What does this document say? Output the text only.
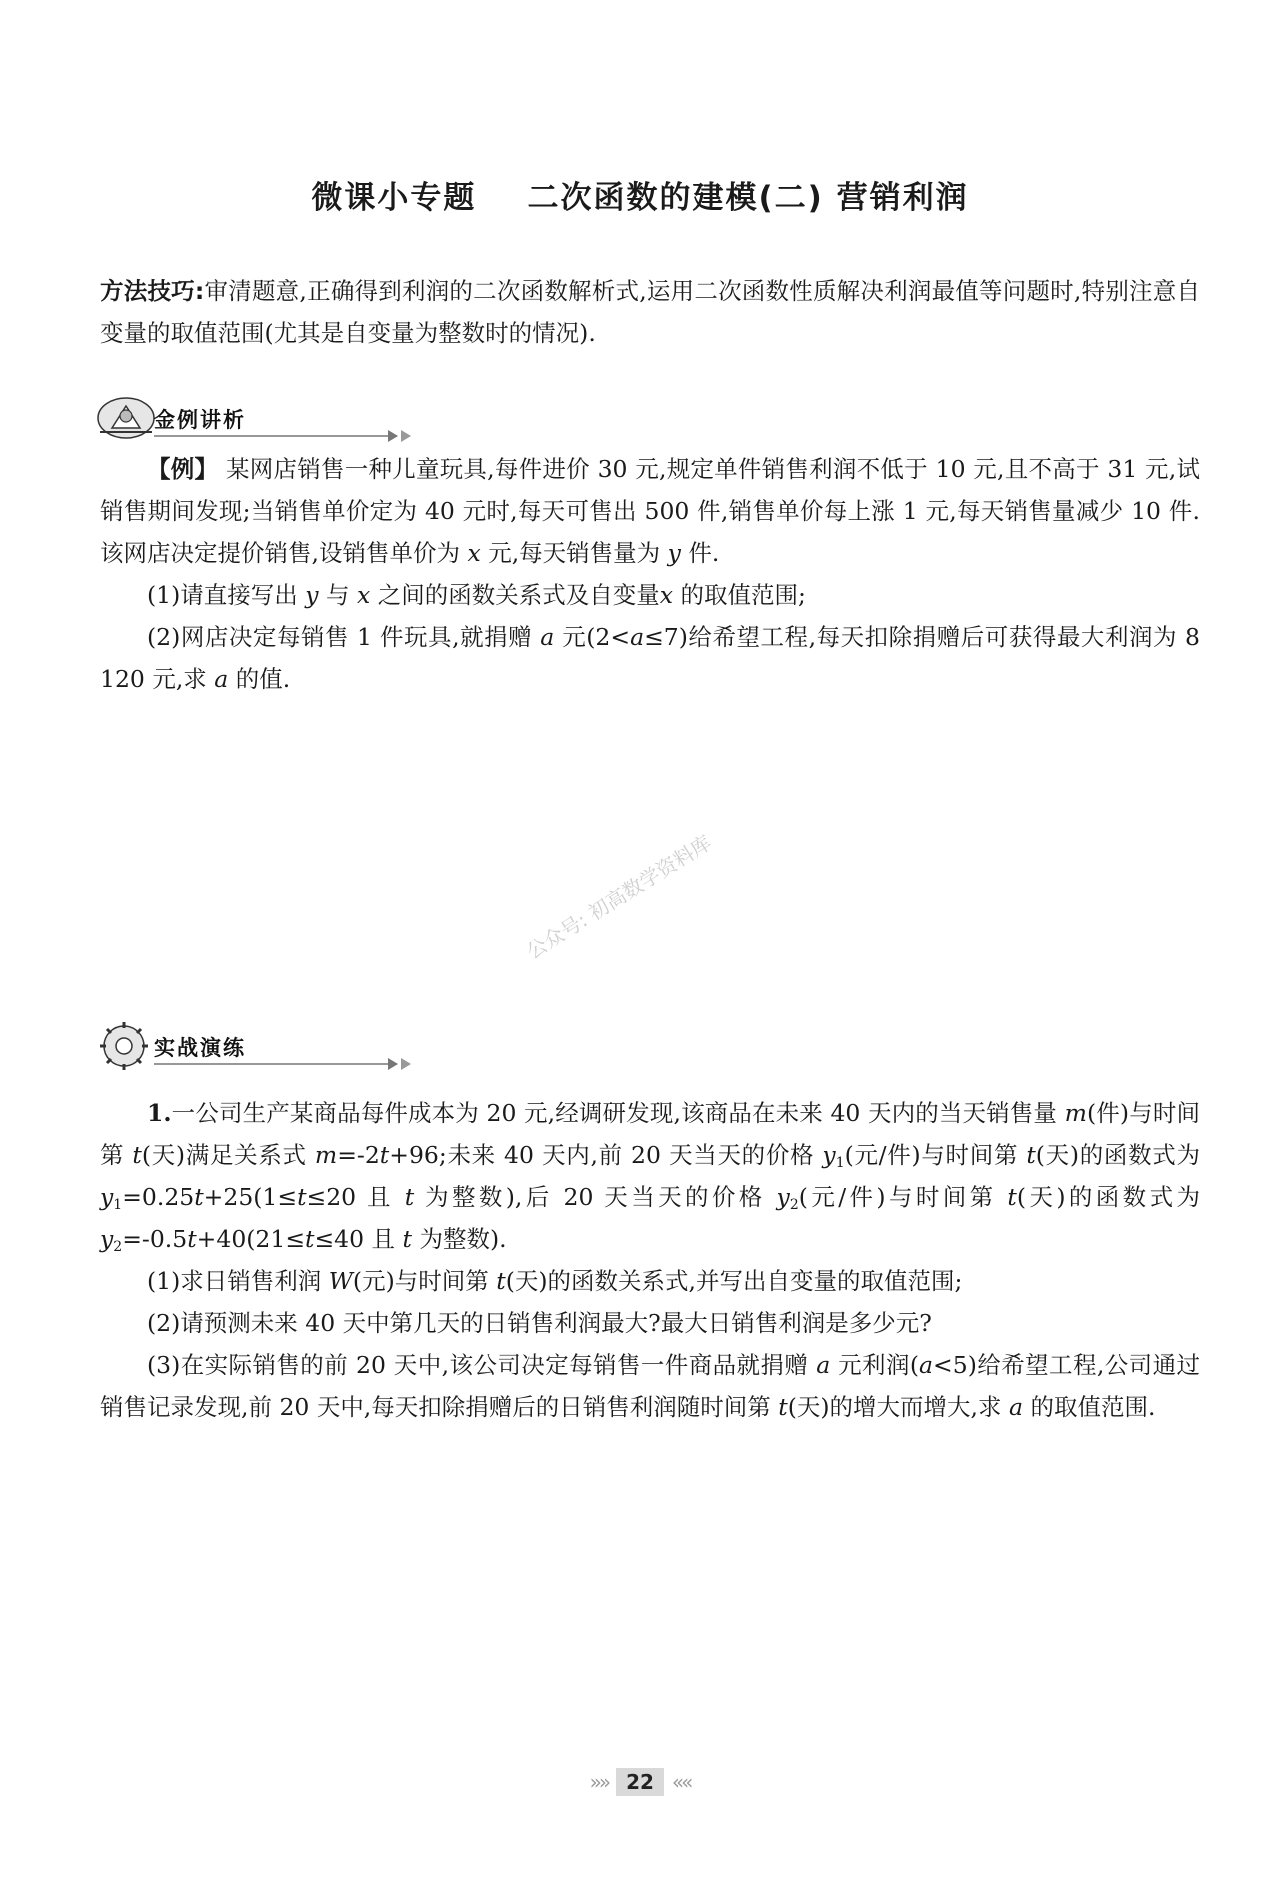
微课小专题    二次函数的建模(二) 营销利润

方法技巧:审清题意,正确得到利润的二次函数解析式,运用二次函数性质解决利润最值等问题时,特别注意自变量的取值范围(尤其是自变量为整数时的情况).

金例讲析

【例】 某网店销售一种儿童玩具,每件进价 30 元,规定单件销售利润不低于 10 元,且不高于 31 元,试销售期间发现;当销售单价定为 40 元时,每天可售出 500 件,销售单价每上涨 1 元,每天销售量减少 10 件.该网店决定提价销售,设销售单价为 x 元,每天销售量为 y 件.

(1)请直接写出 y 与 x 之间的函数关系式及自变量x 的取值范围;

(2)网店决定每销售 1 件玩具,就捐赠 a 元(2<a≤7)给希望工程,每天扣除捐赠后可获得最大利润为 8 120 元,求 a 的值.

公众号: 初高数学资料库
实战演练

1.一公司生产某商品每件成本为 20 元,经调研发现,该商品在未来 40 天内的当天销售量 m(件)与时间第 t(天)满足关系式 m=-2t+96;未来 40 天内,前 20 天当天的价格 $y_1$(元/件)与时间第 t(天)的函数式为 $y_1=0.25t+25(1\le t\le 20$ 且 t 为整数),后 20 天当天的价格 $y_2$(元/件)与时间第 t(天)的函数式为 $y_2=-0.5t+40(21\le t\le 40$ 且 t 为整数).

(1)求日销售利润 W(元)与时间第 t(天)的函数关系式,并写出自变量的取值范围;

(2)请预测未来 40 天中第几天的日销售利润最大?最大日销售利润是多少元?

(3)在实际销售的前 20 天中,该公司决定每销售一件商品就捐赠 a 元利润(a<5)给希望工程,公司通过销售记录发现,前 20 天中,每天扣除捐赠后的日销售利润随时间第 t(天)的增大而增大,求 a 的取值范围.

»» 22 ««
